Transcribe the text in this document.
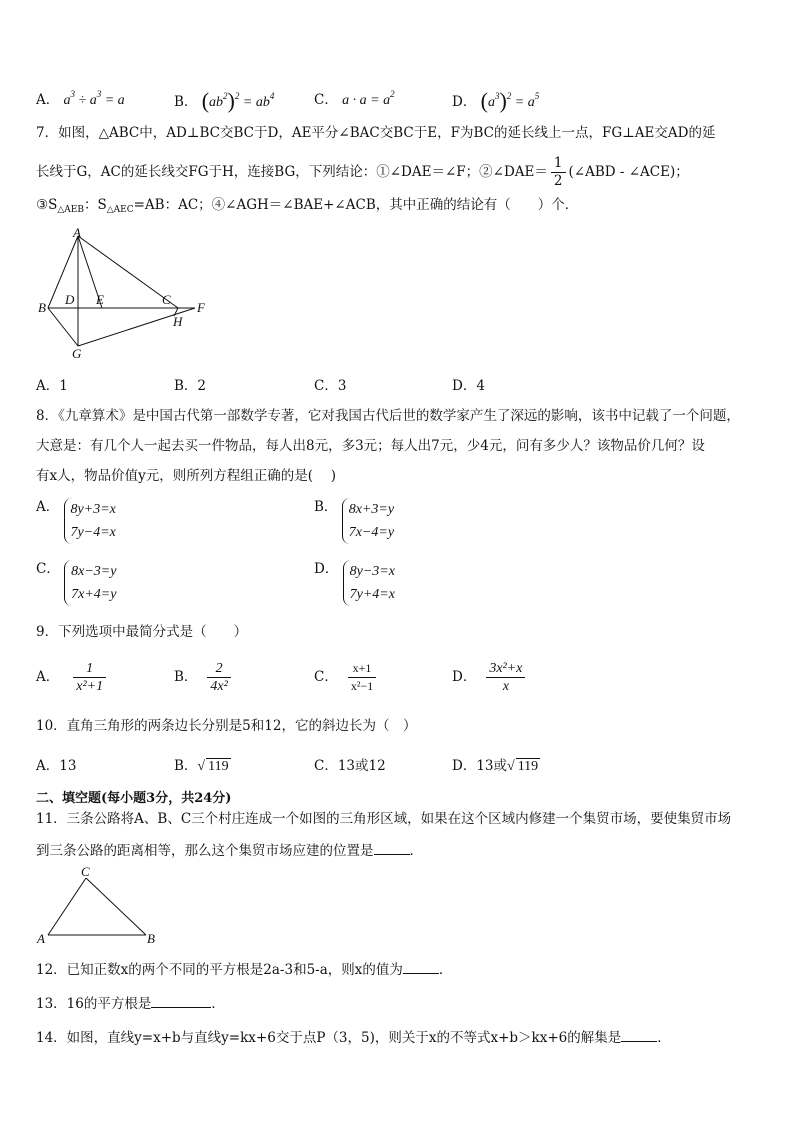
A． $a^3 \div a^3 = a$	B． $(ab^2)^2 = ab^4$	C． $a \cdot a = a^2$	D． $(a^3)^2 = a^5$
7．如图，△ABC中，AD⊥BC交BC于D，AE平分∠BAC交BC于E，F为BC的延长线上一点，FG⊥AE交AD的延
长线于G，AC的延长线交FG于H，连接BG，下列结论：①∠DAE＝∠F；②∠DAE＝ $\frac{1}{2}$ (∠ABD - ∠ACE)；
$③S_{\triangle AEB}$：$S_{\triangle AEC}=AB$：AC；④∠AGH＝∠BAE+∠ACB，其中正确的结论有（　　）个．
A
B
D E	C
F
H
G
A．1	B．2	C．3	D．4
8．《九章算术》是中国古代第一部数学专著，它对我国古代后世的数学家产生了深远的影响，该书中记载了一个问题，
大意是：有几个人一起去买一件物品，每人出8元，多3元；每人出7元，少4元，问有多少人？该物品价几何？设
有x人，物品价值y元，则所列方程组正确的是(　 )
A． 8y+3=x
7y−4=x
B． 8x+3=y
7x−4=y
C． 8x−3=y
7x+4=y
D． 8y−3=x
7y+4=x
9．下列选项中最简分式是（　　）
A． $\frac{1}{\text{x²+1}}$	B． $\frac{2}{\text{4x²}}$	C． $\frac{x+1}{\text{x²−1}}$	D． $\frac{\text{3x²+x}}{x}$
10．直角三角形的两条边长分别是5和12，它的斜边长为（　）
A．13	B．√ 119	C．13或12	D．13或√ 119
二、填空题(每小题3分，共24分)
11．三条公路将A、B、C三个村庄连成一个如图的三角形区域，如果在这个区域内修建一个集贸市场，要使集贸市场
到三条公路的距离相等，那么这个集贸市场应建的位置是	．
C
A	B
12．已知正数x的两个不同的平方根是2a-3和5-a，则x的值为	．
13．16的平方根是	．
14．如图，直线y=x+b与直线y=kx+6交于点P（3，5)，则关于x的不等式x+b＞kx+6的解集是	．
